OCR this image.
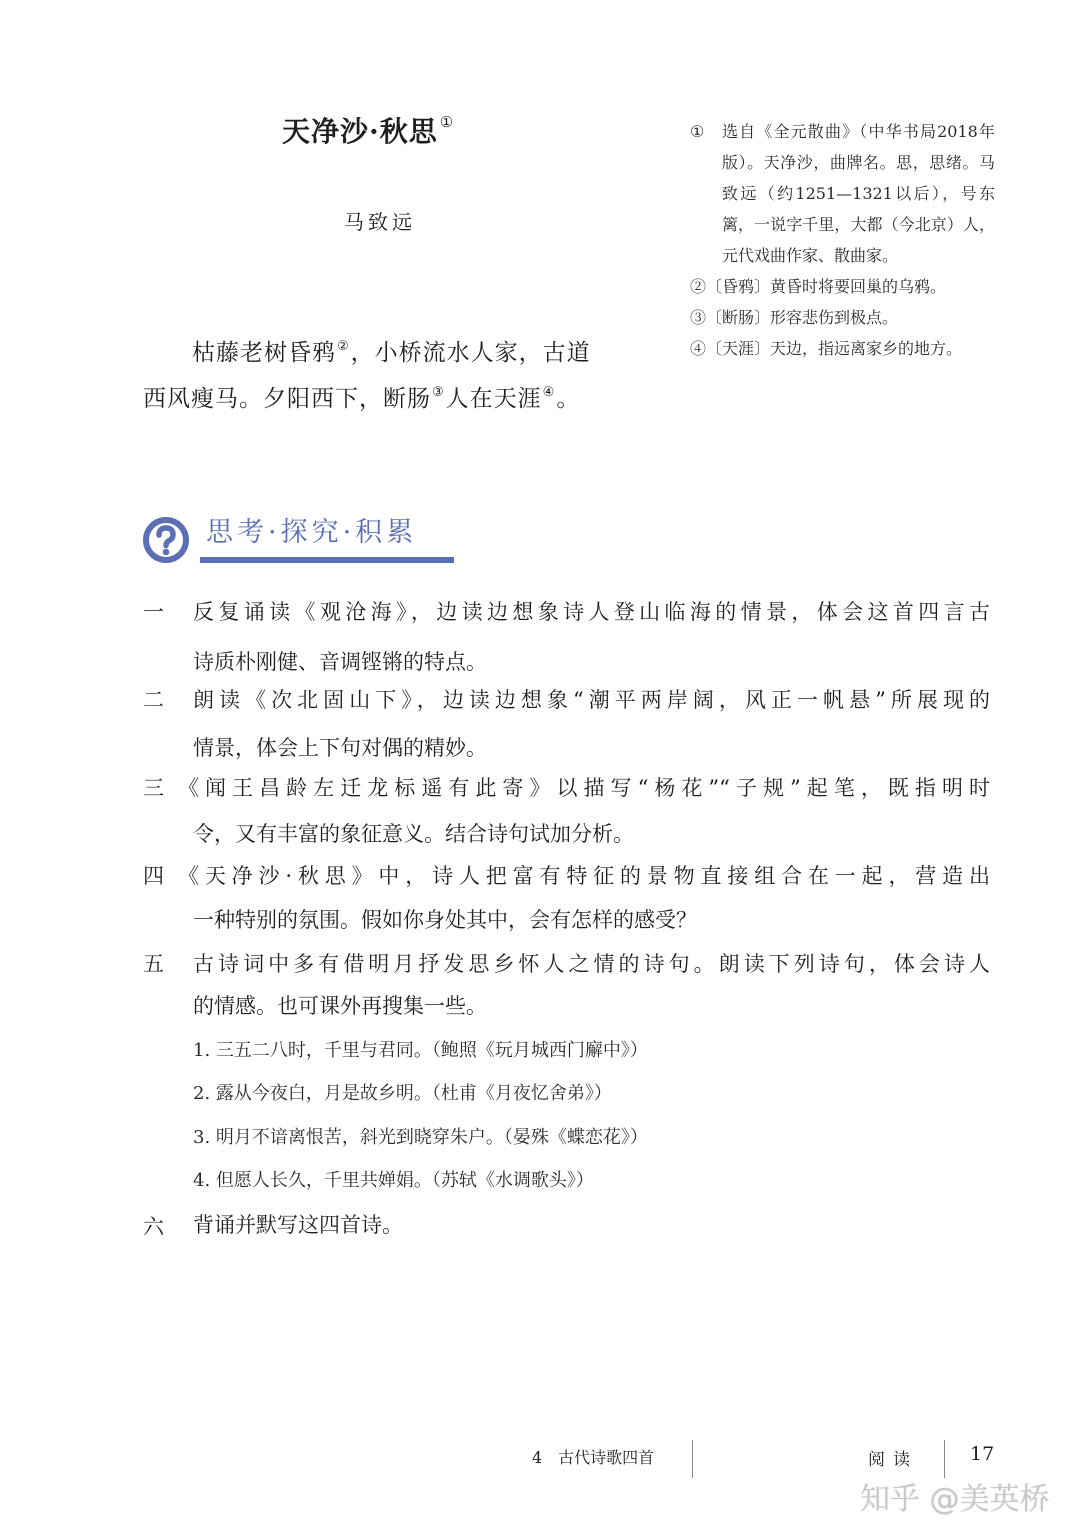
天净沙·秋思 ①
马致远
枯藤老树昏鸦②，小桥流水人家，古道
西风瘦马。夕阳西下，断肠③人在天涯④。
① 选自《全元散曲》（中华书局2018年版）。天净沙，曲牌名。思，思绪。马致远（约1251—1321以后），号东篱，一说字千里，大都（今北京）人，元代戏曲作家、散曲家。
②〔昏鸦〕黄昏时将要回巢的乌鸦。
③〔断肠〕形容悲伤到极点。
④〔天涯〕天边，指远离家乡的地方。
思考·探究·积累
一 反复诵读《观沧海》，边读边想象诗人登山临海的情景，体会这首四言古
诗质朴刚健、音调铿锵的特点。
二 朗读《次北固山下》，边读边想象“潮平两岸阔，风正一帆悬”所展现的
情景，体会上下句对偶的精妙。
三 《闻王昌龄左迁龙标遥有此寄》以描写“杨花”“子规”起笔，既指明时
令，又有丰富的象征意义。结合诗句试加分析。
四 《天净沙·秋思》中，诗人把富有特征的景物直接组合在一起，营造出
一种特别的氛围。假如你身处其中，会有怎样的感受？
五 古诗词中多有借明月抒发思乡怀人之情的诗句。朗读下列诗句，体会诗人
的情感。也可课外再搜集一些。
1. 三五二八时，千里与君同。（鲍照《玩月城西门廨中》）
2. 露从今夜白，月是故乡明。（杜甫《月夜忆舍弟》）
3. 明月不谙离恨苦，斜光到晓穿朱户。（晏殊《蝶恋花》）
4. 但愿人长久，千里共婵娟。（苏轼《水调歌头》）
六 背诵并默写这四首诗。
4　古代诗歌四首	阅读	17
知乎 @美英桥
